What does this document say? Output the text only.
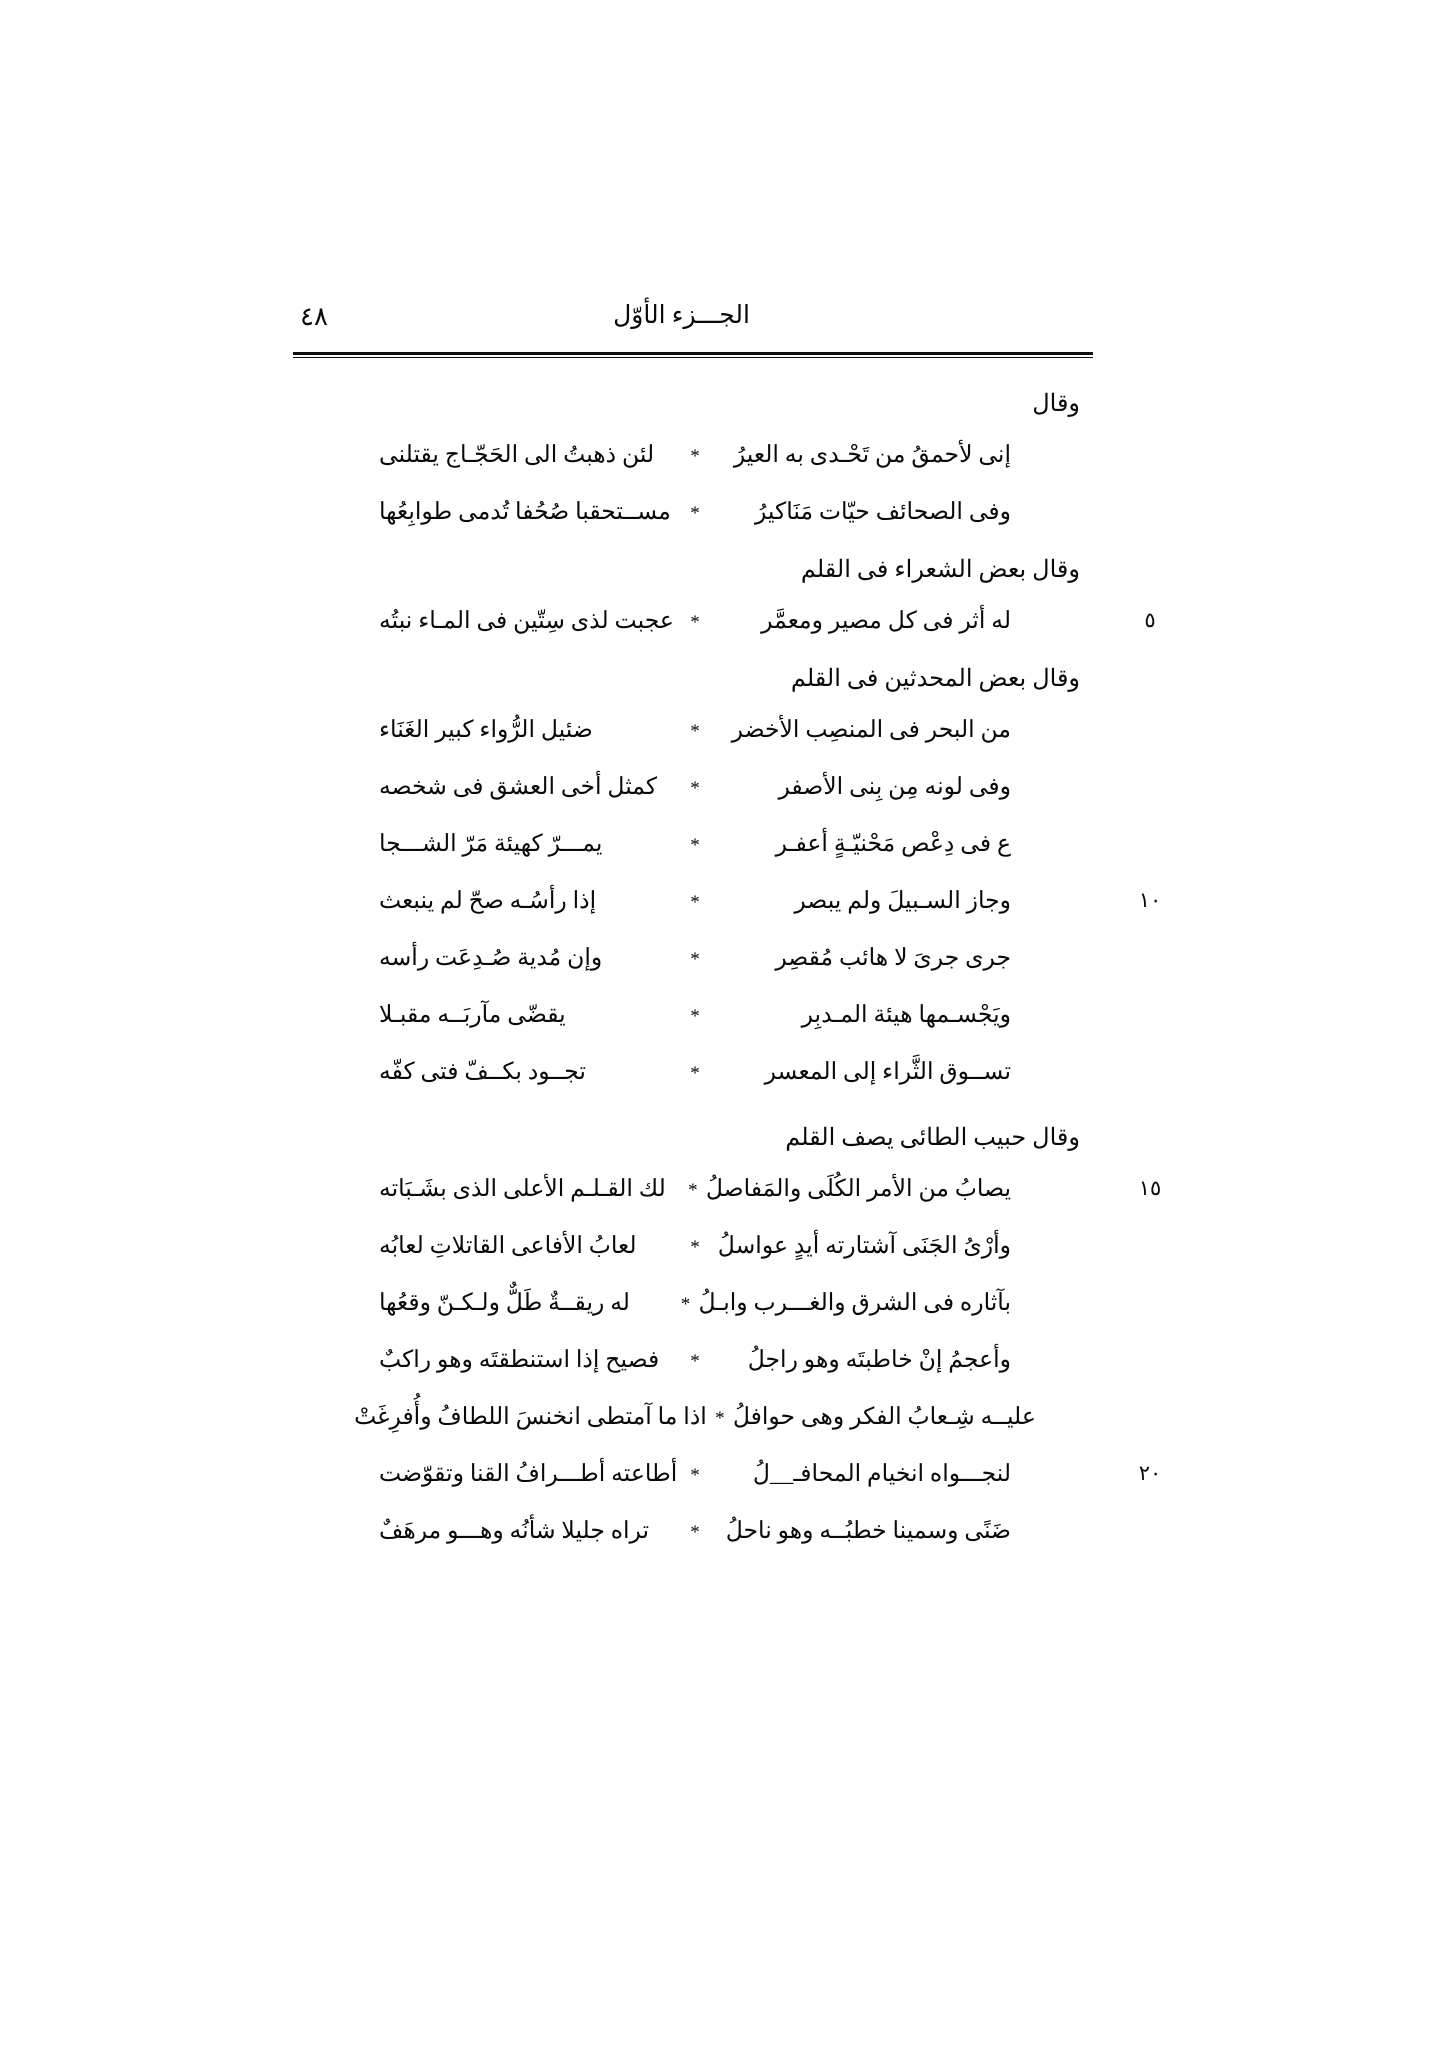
الجـــزء الأوّل
٤٨
وقال
إنى لأحمقُ من تَحْـدى به العيرُ
*
لئن ذهبتُ الى الحَجّـاج يقتلنى
وفى الصحائف حيّات مَنَاكيرُ
*
مســتحقبا صُحُفا تُدمى طوابِعُها
وقال بعض الشعراء فى القلم
٥
له أثر فى كل مصير ومعمَّر
*
عجبت لذى سِتّين فى المـاء نبتُه
وقال بعض المحدثين فى القلم
من البحر فى المنصِب الأخضر
*
ضئيل الرُّواء كبير الغَنَاء
وفى لونه مِن بِنى الأصفر
*
كمثل أخى العشق فى شخصه
ع فى دِعْص مَحْنيّـةٍ أعفـر
*
يمـــرّ كهيئة مَرّ الشـــجا
١٠
وجاز السـبيلَ ولم يبصر
*
إذا رأسُـه صحّ لم ينبعث
جرى جرىَ لا هائب مُقصِر
*
وإن مُدية صُـدِعَت رأسه
ويَجْسـمها هيئة المـدبِر
*
يقضّى مآربَــه مقبـلا
تســوق الثَّراء إلى المعسر
*
تجــود بكــفّ فتى كفّه
وقال حبيب الطائى يصف القلم
١٥
يصابُ من الأمر الكُلَى والمَفاصلُ
*
لك القـلـم الأعلى الذى بشَـبَاته
وأرْىُ الجَنَى آشتارته أيدٍ عواسلُ
*
لعابُ الأفاعى القاتلاتِ لعابُه
بآثاره فى الشرق والغـــرب وابـلُ
*
له ريقــةٌ طَلٌّ ولـكـنّ وقعُها
وأعجمُ إنْ خاطبتَه وهو راجلُ
*
فصيح إذا استنطقتَه وهو راكبٌ
عليــه شِـعابُ الفكر وهى حوافلُ
*
اذا ما آمتطى انخنسَ اللطافُ وأُفرِغَتْ
٢٠
لنجـــواه انخيام المحافـ__لُ
*
أطاعته أطـــرافُ القنا وتقوّضت
ضَنًى وسمينا خطبُــه وهو ناحلُ
*
تراه جليلا شأنُه وهـــو مرهَفٌ
